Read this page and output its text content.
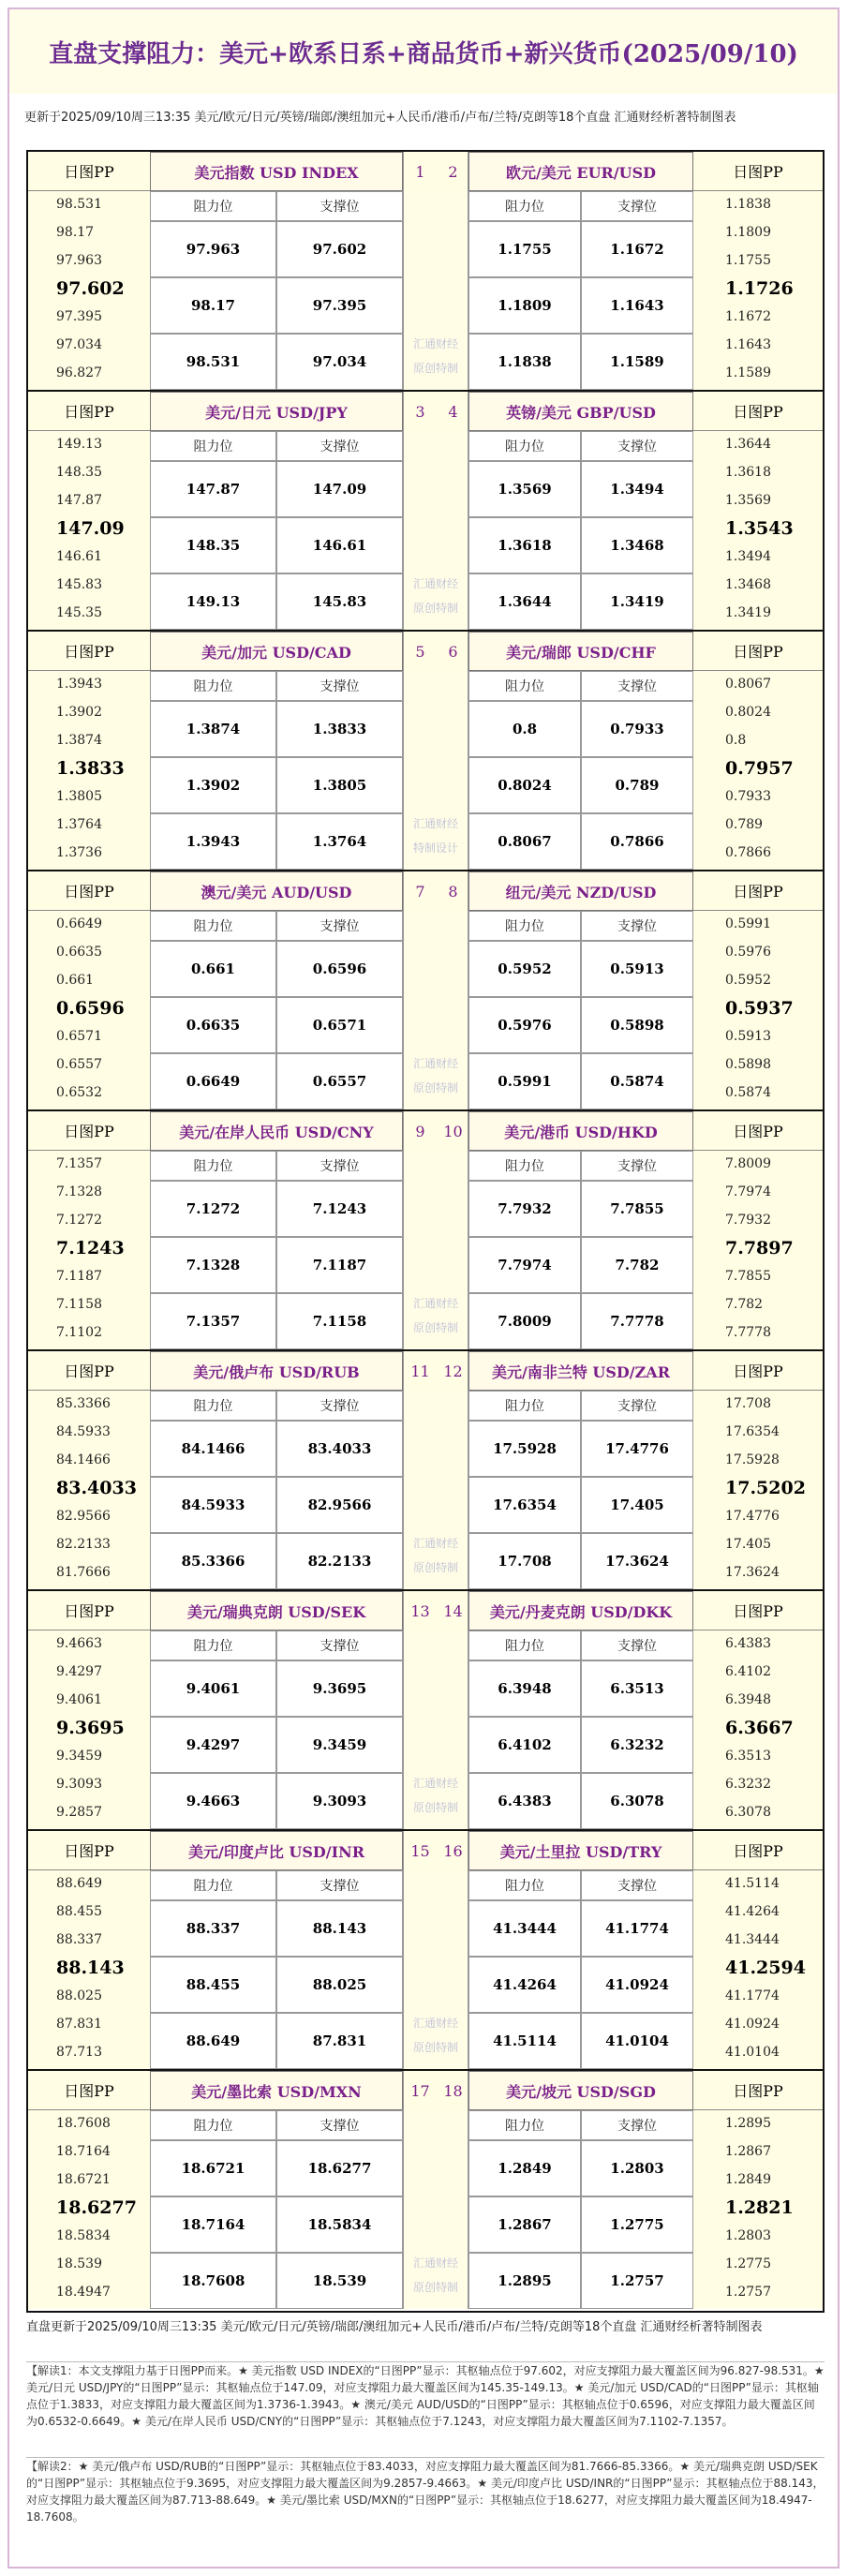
直盘支撑阻力：美元+欧系日系+商品货币+新兴货币(2025/09/10)
更新于2025/09/10周三13:35 美元/欧元/日元/英镑/瑞郎/澳纽加元+人民币/港币/卢布/兰特/克朗等18个直盘 汇通财经析著特制图表
日图PP
98.531
98.17
97.963
97.602
97.395
97.034
96.827
美元指数 USD INDEX
阻力位	支撑位
97.963	97.602
98.17	97.395
98.531	97.034
1	2
汇通财经
原创特制
日图PP
1.1838
1.1809
1.1755
1.1726
1.1672
1.1643
1.1589
欧元/美元 EUR/USD
阻力位	支撑位
1.1755	1.1672
1.1809	1.1643
1.1838	1.1589
日图PP
149.13
148.35
147.87
147.09
146.61
145.83
145.35
美元/日元 USD/JPY
阻力位	支撑位
147.87	147.09
148.35	146.61
149.13	145.83
3	4
汇通财经
原创特制
日图PP
1.3644
1.3618
1.3569
1.3543
1.3494
1.3468
1.3419
英镑/美元 GBP/USD
阻力位	支撑位
1.3569	1.3494
1.3618	1.3468
1.3644	1.3419
日图PP
1.3943
1.3902
1.3874
1.3833
1.3805
1.3764
1.3736
美元/加元 USD/CAD
阻力位	支撑位
1.3874	1.3833
1.3902	1.3805
1.3943	1.3764
5	6
汇通财经
特制设计
日图PP
0.8067
0.8024
0.8
0.7957
0.7933
0.789
0.7866
美元/瑞郎 USD/CHF
阻力位	支撑位
0.8	0.7933
0.8024	0.789
0.8067	0.7866
日图PP
0.6649
0.6635
0.661
0.6596
0.6571
0.6557
0.6532
澳元/美元 AUD/USD
阻力位	支撑位
0.661	0.6596
0.6635	0.6571
0.6649	0.6557
7	8
汇通财经
原创特制
日图PP
0.5991
0.5976
0.5952
0.5937
0.5913
0.5898
0.5874
纽元/美元 NZD/USD
阻力位	支撑位
0.5952	0.5913
0.5976	0.5898
0.5991	0.5874
日图PP
7.1357
7.1328
7.1272
7.1243
7.1187
7.1158
7.1102
美元/在岸人民币 USD/CNY
阻力位	支撑位
7.1272	7.1243
7.1328	7.1187
7.1357	7.1158
9	10
汇通财经
原创特制
日图PP
7.8009
7.7974
7.7932
7.7897
7.7855
7.782
7.7778
美元/港币 USD/HKD
阻力位	支撑位
7.7932	7.7855
7.7974	7.782
7.8009	7.7778
日图PP
85.3366
84.5933
84.1466
83.4033
82.9566
82.2133
81.7666
美元/俄卢布 USD/RUB
阻力位	支撑位
84.1466	83.4033
84.5933	82.9566
85.3366	82.2133
11 12
汇通财经
原创特制
日图PP
17.708
17.6354
17.5928
17.5202
17.4776
17.405
17.3624
美元/南非兰特 USD/ZAR
阻力位	支撑位
17.5928	17.4776
17.6354	17.405
17.708	17.3624
日图PP
9.4663
9.4297
9.4061
9.3695
9.3459
9.3093
9.2857
美元/瑞典克朗 USD/SEK
阻力位	支撑位
9.4061	9.3695
9.4297	9.3459
9.4663	9.3093
13 14
汇通财经
原创特制
日图PP
6.4383
6.4102
6.3948
6.3667
6.3513
6.3232
6.3078
美元/丹麦克朗 USD/DKK
阻力位	支撑位
6.3948	6.3513
6.4102	6.3232
6.4383	6.3078
日图PP
88.649
88.455
88.337
88.143
88.025
87.831
87.713
美元/印度卢比 USD/INR
阻力位	支撑位
88.337	88.143
88.455	88.025
88.649	87.831
15 16
汇通财经
原创特制
日图PP
41.5114
41.4264
41.3444
41.2594
41.1774
41.0924
41.0104
美元/土里拉 USD/TRY
阻力位	支撑位
41.3444	41.1774
41.4264	41.0924
41.5114	41.0104
日图PP
18.7608
18.7164
18.6721
18.6277
18.5834
18.539
18.4947
美元/墨比索 USD/MXN
阻力位	支撑位
18.6721	18.6277
18.7164	18.5834
18.7608	18.539
17 18
汇通财经
原创特制
日图PP
1.2895
1.2867
1.2849
1.2821
1.2803
1.2775
1.2757
美元/坡元 USD/SGD
阻力位	支撑位
1.2849	1.2803
1.2867	1.2775
1.2895	1.2757
直盘更新于2025/09/10周三13:35 美元/欧元/日元/英镑/瑞郎/澳纽加元+人民币/港币/卢布/兰特/克朗等18个直盘 汇通财经析著特制图表
【解读1：本文支撑阻力基于日图PP而来。★ 美元指数 USD INDEX的“日图PP”显示：其枢轴点位于97.602，对应支撑阻力最大覆盖区间为96.827-98.531。★ 美元/日元 USD/JPY的“日图PP”显示：其枢轴点位于147.09，对应支撑阻力最大覆盖区间为145.35-149.13。★ 美元/加元 USD/CAD的“日图PP”显示：其枢轴点位于1.3833，对应支撑阻力最大覆盖区间为1.3736-1.3943。★ 澳元/美元 AUD/USD的“日图PP”显示：其枢轴点位于0.6596，对应支撑阻力最大覆盖区间为0.6532-0.6649。★ 美元/在岸人民币 USD/CNY的“日图PP”显示：其枢轴点位于7.1243，对应支撑阻力最大覆盖区间为7.1102-7.1357。
【解读2：★ 美元/俄卢布 USD/RUB的“日图PP”显示：其枢轴点位于83.4033，对应支撑阻力最大覆盖区间为81.7666-85.3366。★ 美元/瑞典克朗 USD/SEK的“日图PP”显示：其枢轴点位于9.3695，对应支撑阻力最大覆盖区间为9.2857-9.4663。★ 美元/印度卢比 USD/INR的“日图PP”显示：其枢轴点位于88.143，对应支撑阻力最大覆盖区间为87.713-88.649。★ 美元/墨比索 USD/MXN的“日图PP”显示：其枢轴点位于18.6277，对应支撑阻力最大覆盖区间为18.4947-18.7608。
